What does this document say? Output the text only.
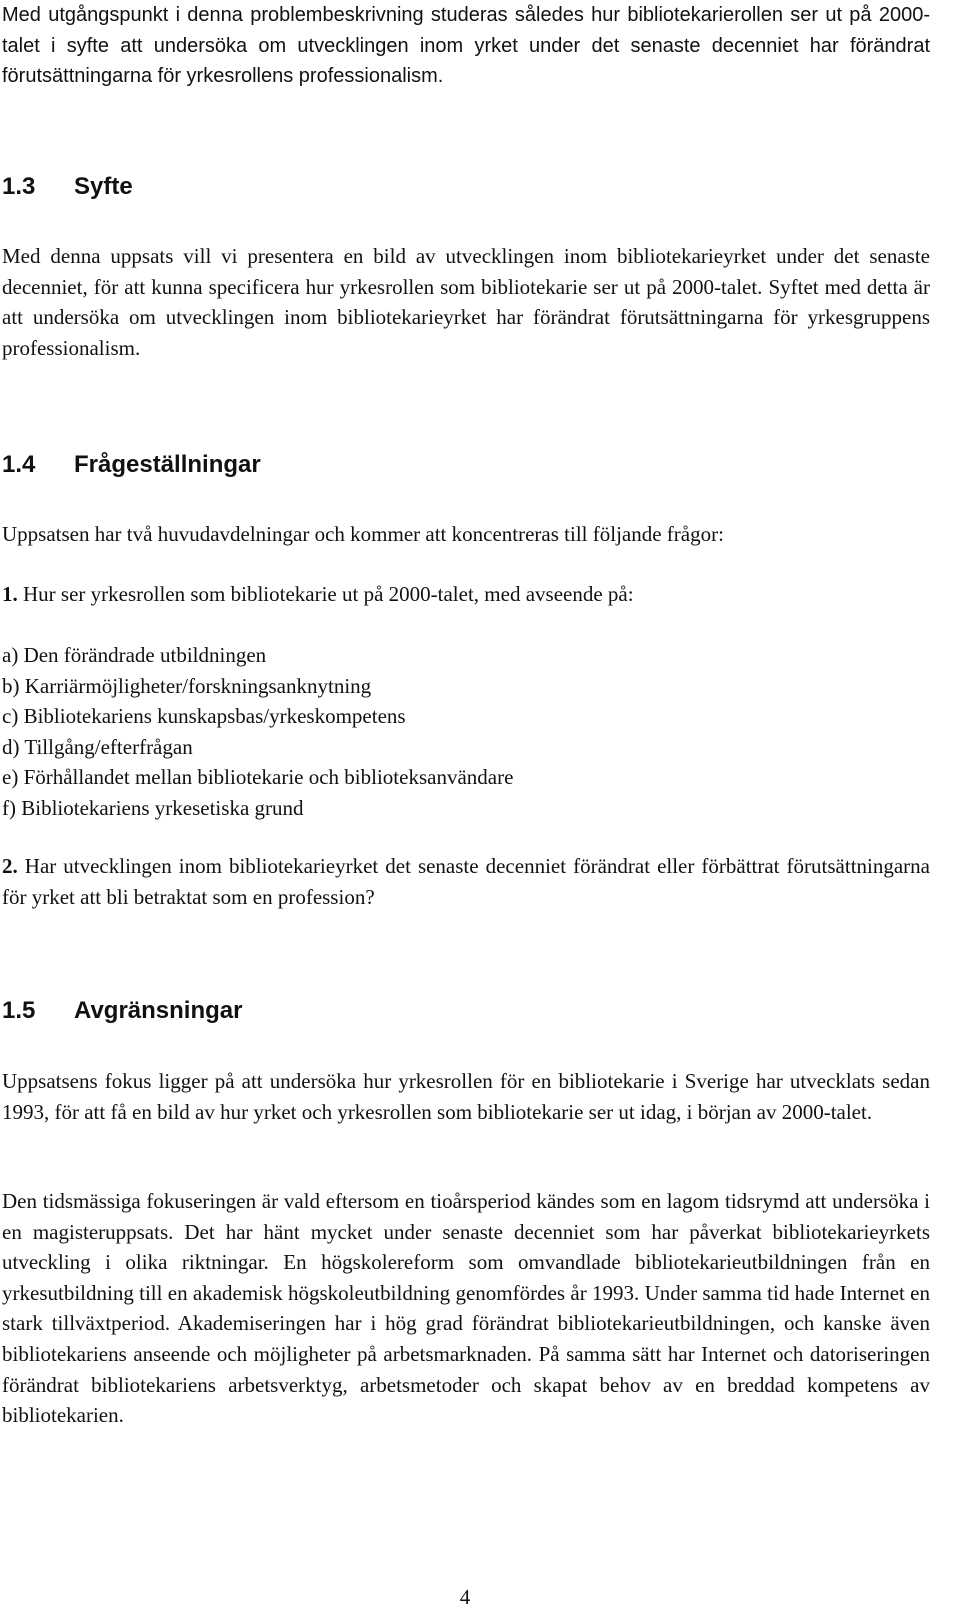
Med utgångspunkt i denna problembeskrivning studeras således hur bibliotekarierollen ser ut på 2000-talet i syfte att undersöka om utvecklingen inom yrket under det senaste decenniet har förändrat förutsättningarna för yrkesrollens professionalism.

1.3 Syfte

Med denna uppsats vill vi presentera en bild av utvecklingen inom bibliotekarieyrket under det senaste decenniet, för att kunna specificera hur yrkesrollen som bibliotekarie ser ut på 2000-talet. Syftet med detta är att undersöka om utvecklingen inom bibliotekarieyrket har förändrat förutsättningarna för yrkesgruppens professionalism.

1.4 Frågeställningar

Uppsatsen har två huvudavdelningar och kommer att koncentreras till följande frågor:

1. Hur ser yrkesrollen som bibliotekarie ut på 2000-talet, med avseende på:

a) Den förändrade utbildningen
b) Karriärmöjligheter/forskningsanknytning
c) Bibliotekariens kunskapsbas/yrkeskompetens
d) Tillgång/efterfrågan
e) Förhållandet mellan bibliotekarie och biblioteksanvändare
f) Bibliotekariens yrkesetiska grund

2. Har utvecklingen inom bibliotekarieyrket det senaste decenniet förändrat eller förbättrat förutsättningarna för yrket att bli betraktat som en profession?

1.5 Avgränsningar

Uppsatsens fokus ligger på att undersöka hur yrkesrollen för en bibliotekarie i Sverige har utvecklats sedan 1993, för att få en bild av hur yrket och yrkesrollen som bibliotekarie ser ut idag, i början av 2000-talet.

Den tidsmässiga fokuseringen är vald eftersom en tioårsperiod kändes som en lagom tidsrymd att undersöka i en magisteruppsats. Det har hänt mycket under senaste decenniet som har påverkat bibliotekarieyrkets utveckling i olika riktningar. En högskolereform som omvandlade bibliotekarieutbildningen från en yrkesutbildning till en akademisk högskoleutbildning genomfördes år 1993. Under samma tid hade Internet en stark tillväxtperiod. Akademiseringen har i hög grad förändrat bibliotekarieutbildningen, och kanske även bibliotekariens anseende och möjligheter på arbetsmarknaden. På samma sätt har Internet och datoriseringen förändrat bibliotekariens arbetsverktyg, arbetsmetoder och skapat behov av en breddad kompetens av bibliotekarien.

4
